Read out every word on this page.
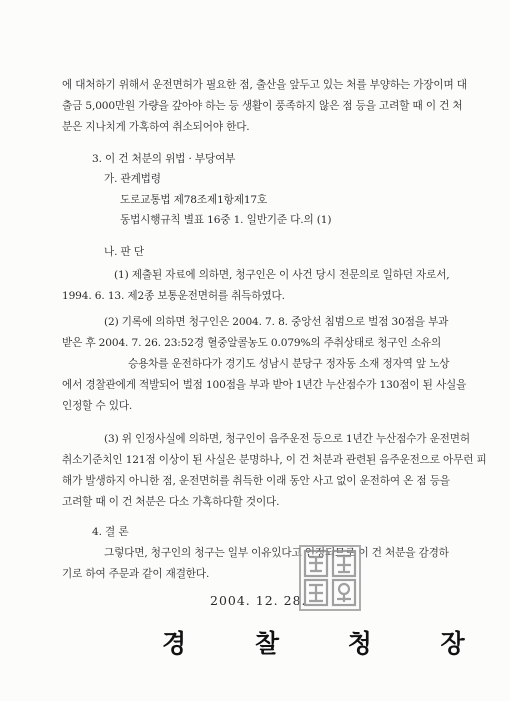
에 대처하기 위해서 운전면허가 필요한 점, 출산을 앞두고 있는 처를 부양하는 가장이며 대
출금 5,000만원 가량을 갚아야 하는 등 생활이 풍족하지 않은 점 등을 고려할 때 이 건 처
분은 지나치게 가혹하여 취소되어야 한다.
3. 이 건 처분의 위법 · 부당여부
가. 관계법령
도로교통법 제78조제1항제17호
동법시행규칙 별표 16중 1. 일반기준 다.의 (1)
나. 판 단
(1) 제출된 자료에 의하면, 청구인은 이 사건 당시 전문의로 일하던 자로서,
1994. 6. 13. 제2종 보통운전면허를 취득하였다.
(2) 기록에 의하면 청구인은 2004. 7. 8. 중앙선 침범으로 벌점 30점을 부과
받은 후 2004. 7. 26. 23:52경 혈중알콜농도 0.079%의 주취상태로 청구인 소유의
승용차를 운전하다가 경기도 성남시 분당구 정자동 소재 정자역 앞 노상
에서 경찰관에게 적발되어 벌점 100점을 부과 받아 1년간 누산점수가 130점이 된 사실을
인정할 수 있다.
(3) 위 인정사실에 의하면, 청구인이 음주운전 등으로 1년간 누산점수가 운전면허
취소기준치인 121점 이상이 된 사실은 분명하나, 이 건 처분과 관련된 음주운전으로 아무런 피
해가 발생하지 아니한 점, 운전면허를 취득한 이래 동안 사고 없이 운전하여 온 점 등을
고려할 때 이 건 처분은 다소 가혹하다할 것이다.
4. 결 론
그렇다면, 청구인의 청구는 일부 이유있다고 인정되므로 이 건 처분을 감경하
기로 하여 주문과 같이 재결한다.
2004. 12. 28.
경 찰 청 장
